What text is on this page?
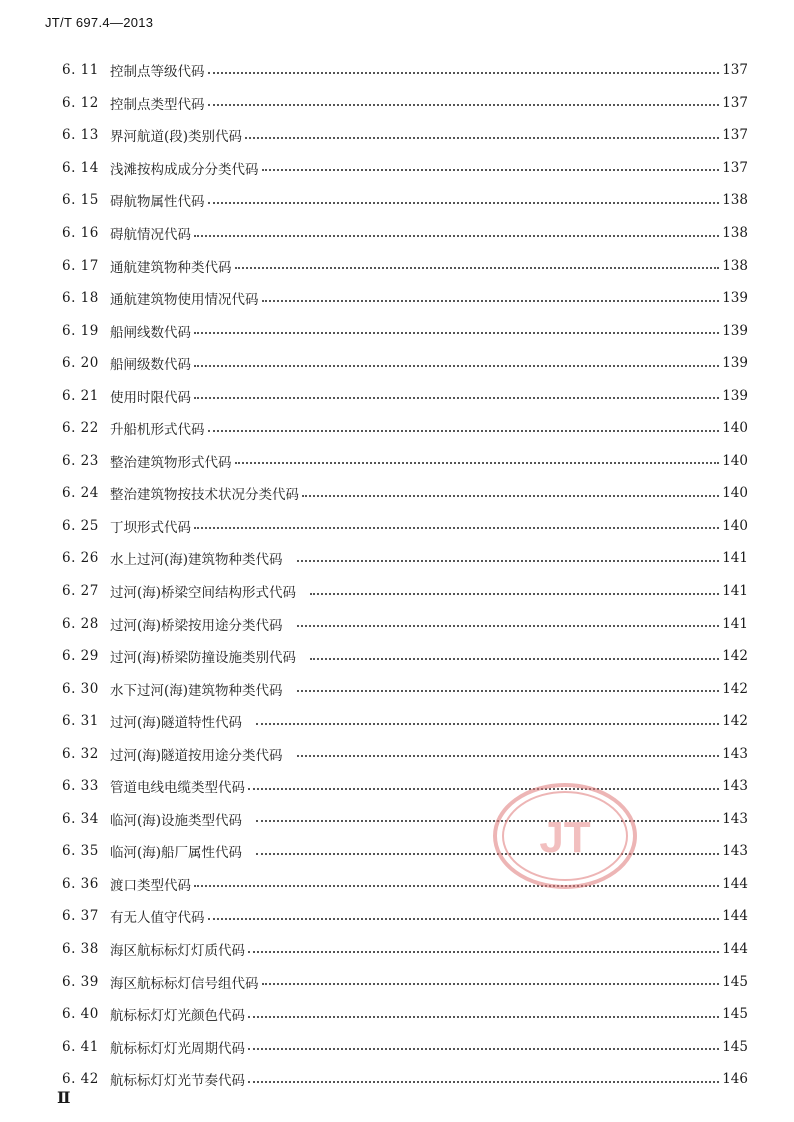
JT/T 697.4—2013
6. 11 控制点等级代码	137
6. 12 控制点类型代码	137
6. 13 界河航道(段)类别代码	137
6. 14 浅滩按构成成分分类代码	137
6. 15 碍航物属性代码	138
6. 16 碍航情况代码	138
6. 17 通航建筑物种类代码	138
6. 18 通航建筑物使用情况代码	139
6. 19 船闸线数代码	139
6. 20 船闸级数代码	139
6. 21 使用时限代码	139
6. 22 升船机形式代码	140
6. 23 整治建筑物形式代码	140
6. 24 整治建筑物按技术状况分类代码	140
6. 25 丁坝形式代码	140
6. 26 水上过河(海)建筑物种类代码	141
6. 27 过河(海)桥梁空间结构形式代码	141
6. 28 过河(海)桥梁按用途分类代码	141
6. 29 过河(海)桥梁防撞设施类别代码	142
6. 30 水下过河(海)建筑物种类代码	142
6. 31 过河(海)隧道特性代码	142
6. 32 过河(海)隧道按用途分类代码	143
6. 33 管道电线电缆类型代码	143
6. 34 临河(海)设施类型代码	143
6. 35 临河(海)船厂属性代码	143
6. 36 渡口类型代码	144
6. 37 有无人值守代码	144
6. 38 海区航标标灯灯质代码	144
6. 39 海区航标标灯信号组代码	145
6. 40 航标标灯灯光颜色代码	145
6. 41 航标标灯灯光周期代码	145
6. 42 航标标灯灯光节奏代码	146
JT
Ⅱ
